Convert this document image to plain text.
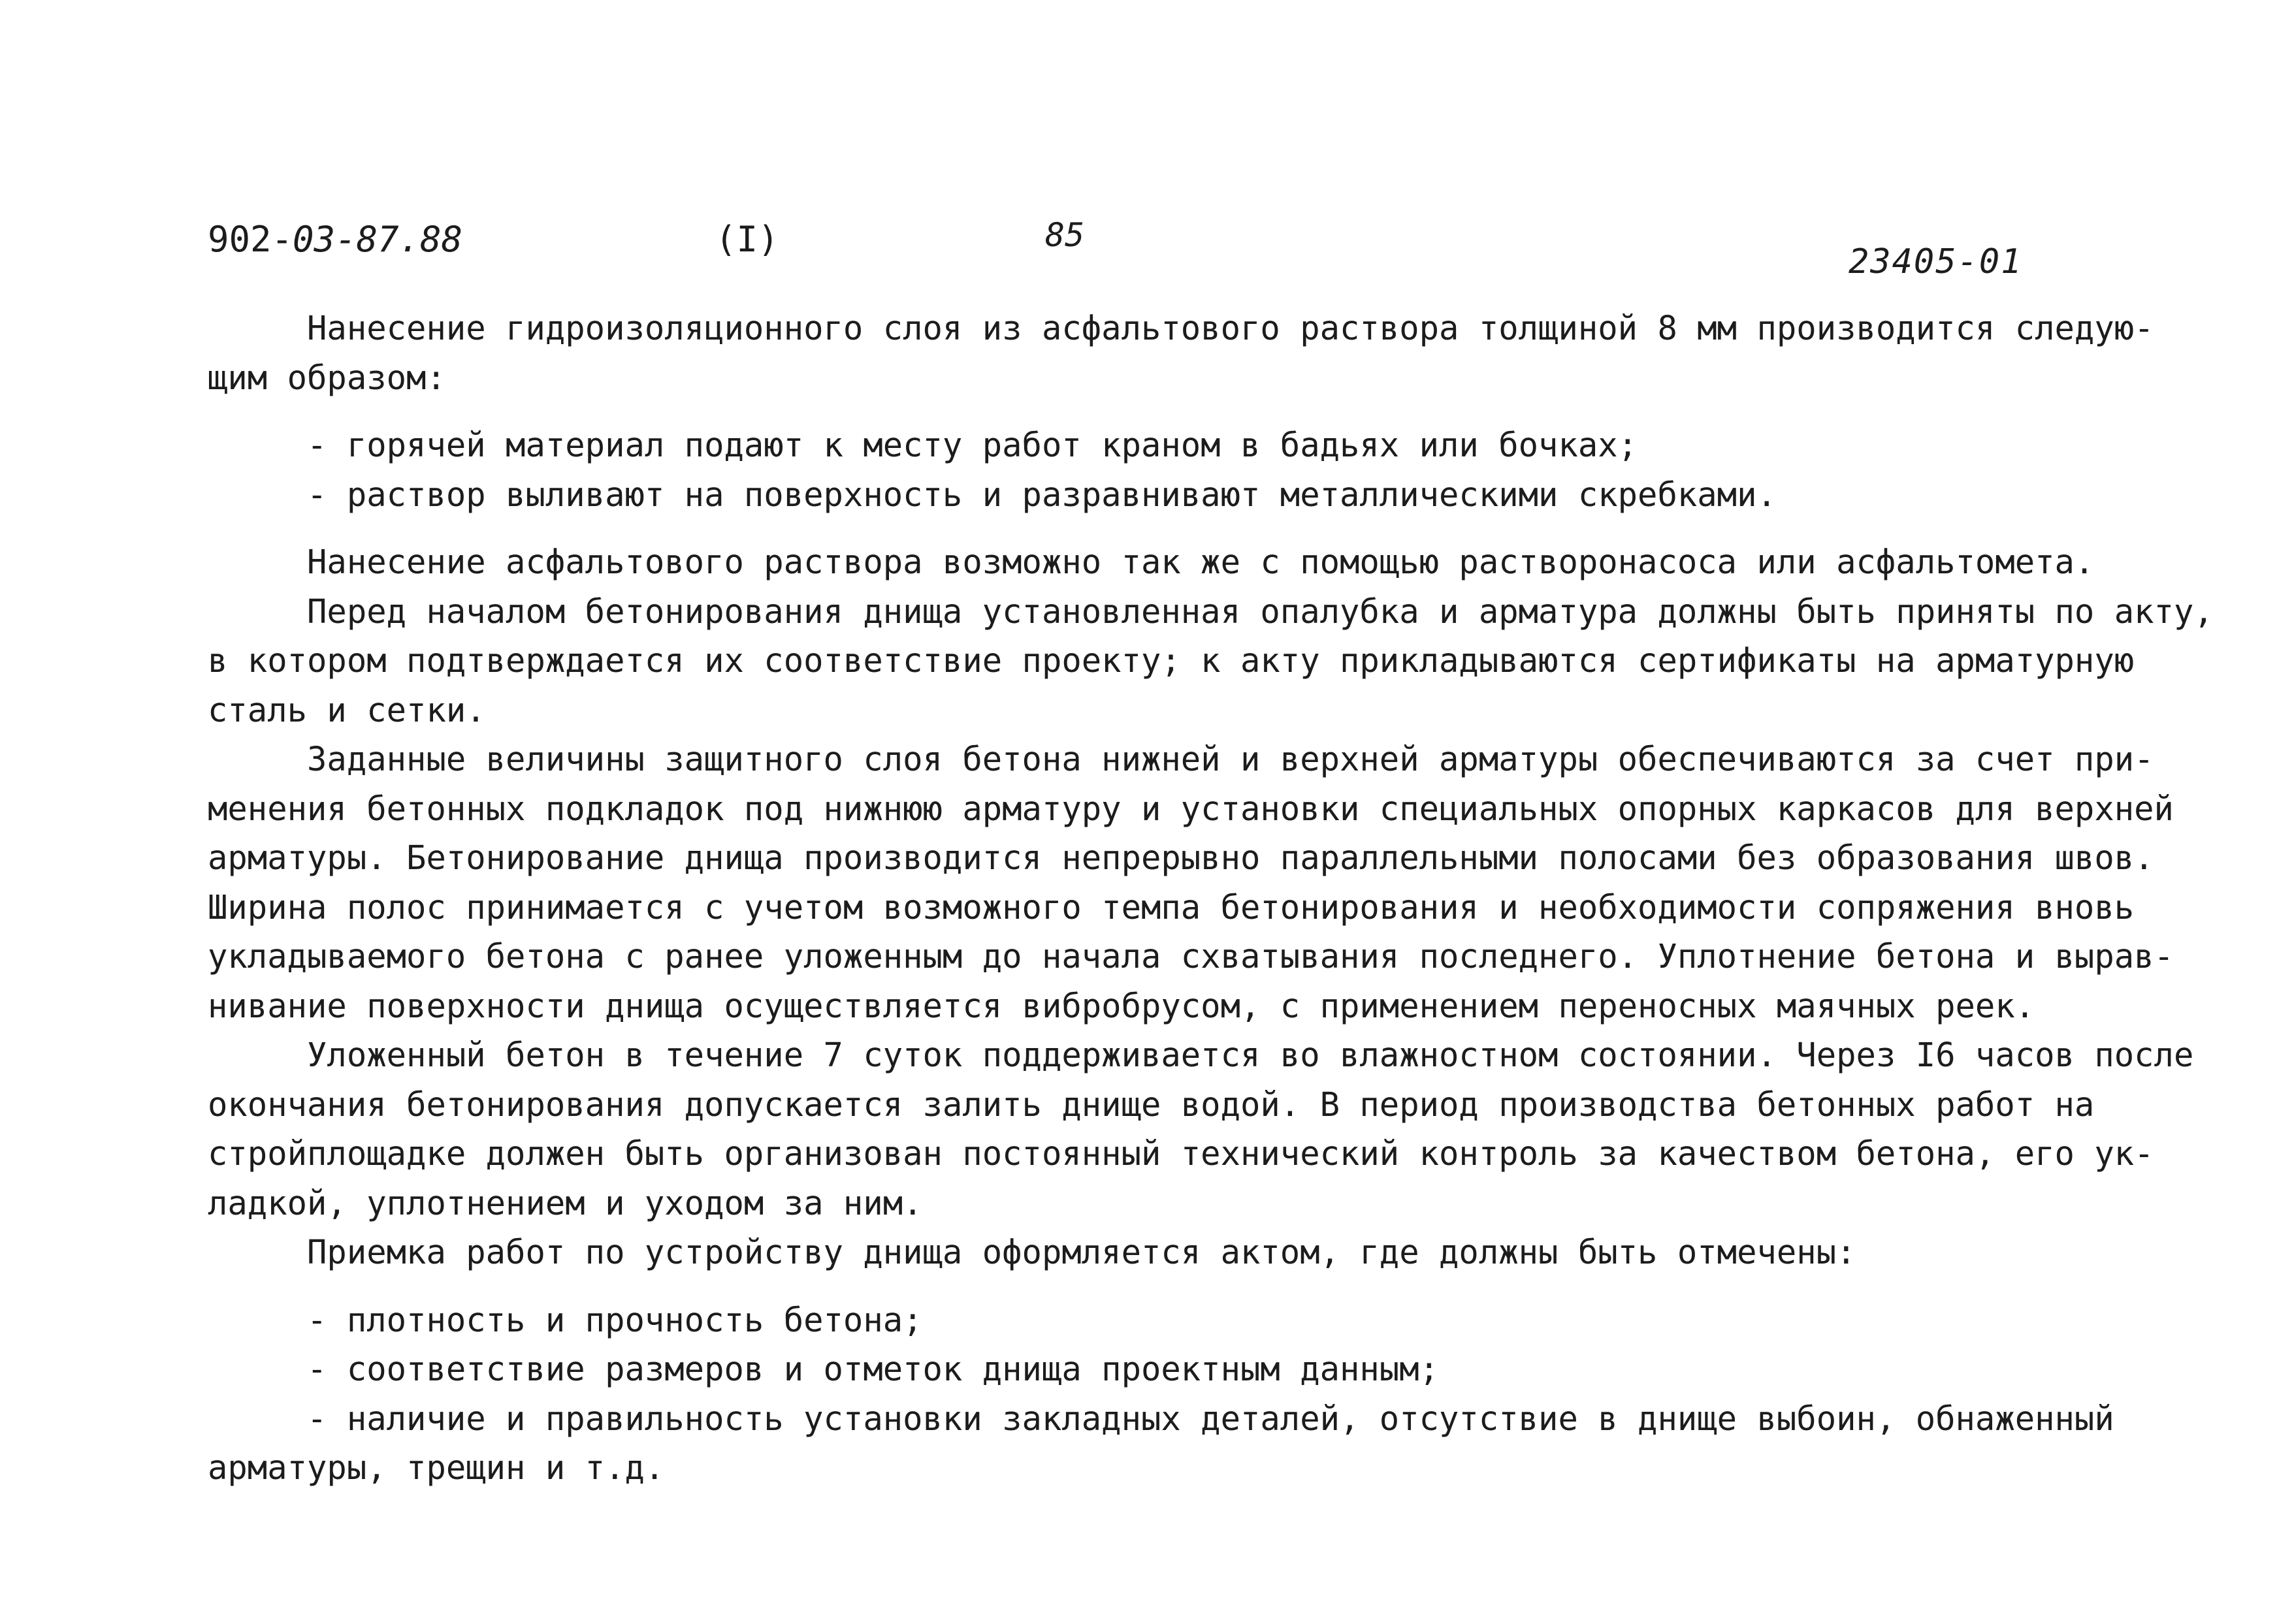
902-03-87.88	(I)	85
23405-01

Нанесение гидроизоляционного слоя из асфальтового раствора толщиной 8 мм производится следую-

щим образом:

- горячей материал подают к месту работ краном в бадьях или бочках;

- раствор выливают на поверхность и разравнивают металлическими скребками.

Нанесение асфальтового раствора возможно так же с помощью растворонасоса или асфальтомета.

Перед началом бетонирования днища установленная опалубка и арматура должны быть приняты по акту,

в котором подтверждается их соответствие проекту; к акту прикладываются сертификаты на арматурную

сталь и сетки.

Заданные величины защитного слоя бетона нижней и верхней арматуры обеспечиваются за счет при-

менения бетонных подкладок под нижнюю арматуру и установки специальных опорных каркасов для верхней

арматуры. Бетонирование днища производится непрерывно параллельными полосами без образования швов.

Ширина полос принимается с учетом возможного темпа бетонирования и необходимости сопряжения вновь

укладываемого бетона с ранее уложенным до начала схватывания последнего. Уплотнение бетона и вырав-

нивание поверхности днища осуществляется вибробрусом, с применением переносных маячных реек.

Уложенный бетон в течение 7 суток поддерживается во влажностном состоянии. Через I6 часов после

окончания бетонирования допускается залить днище водой. В период производства бетонных работ на

стройплощадке должен быть организован постоянный технический контроль за качеством бетона, его ук-

ладкой, уплотнением и уходом за ним.

Приемка работ по устройству днища оформляется актом, где должны быть отмечены:

- плотность и прочность бетона;

- соответствие размеров и отметок днища проектным данным;

- наличие и правильность установки закладных деталей, отсутствие в днище выбоин, обнаженный

арматуры, трещин и т.д.
